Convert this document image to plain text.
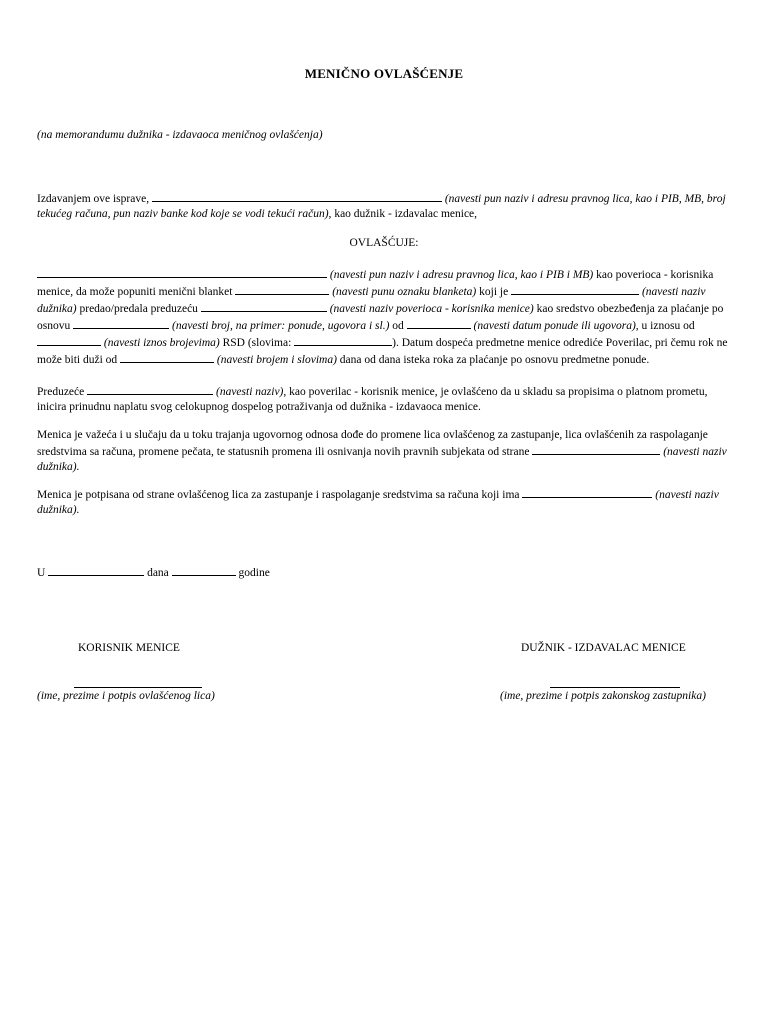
MENIČNO OVLAŠĆENJE
(na memorandumu dužnika - izdavaoca meničnog ovlašćenja)
Izdavanjem ove isprave,	(navesti pun naziv i adresu pravnog lica, kao i PIB, MB, broj tekućeg računa, pun naziv banke kod koje se vodi tekući račun), kao dužnik - izdavalac menice,
OVLAŠĆUJE:
(navesti pun naziv i adresu pravnog lica, kao i PIB i MB) kao poverioca - korisnika menice, da može popuniti menični blanket	(navesti punu oznaku blanketa) koji je	(navesti naziv dužnika) predao/predala preduzeću	(navesti naziv poverioca - korisnika menice) kao sredstvo obezbeđenja za plaćanje po osnovu	(navesti broj, na primer: ponude, ugovora i sl.) od	(navesti datum ponude ili ugovora), u iznosu od  (navesti iznos brojevima) RSD (slovima:	). Datum dospeća predmetne menice odrediće Poverilac, pri čemu rok ne može biti duži od	(navesti brojem i slovima) dana od dana isteka roka za plaćanje po osnovu predmetne ponude.
Preduzeće	(navesti naziv), kao poverilac - korisnik menice, je ovlašćeno da u skladu sa propisima o platnom prometu, inicira prinudnu naplatu svog celokupnog dospelog potraživanja od dužnika - izdavaoca menice.
Menica je važeća i u slučaju da u toku trajanja ugovornog odnosa dođe do promene lica ovlašćenog za zastupanje, lica ovlašćenih za raspolaganje sredstvima sa računa, promene pečata, te statusnih promena ili osnivanja novih pravnih subjekata od strane	(navesti naziv dužnika).
Menica je potpisana od strane ovlašćenog lica za zastupanje i raspolaganje sredstvima sa računa koji ima	(navesti naziv dužnika).
U	dana	godine
KORISNIK MENICE	DUŽNIK - IZDAVALAC MENICE
(ime, prezime i potpis ovlašćenog lica)	(ime, prezime i potpis zakonskog zastupnika)
